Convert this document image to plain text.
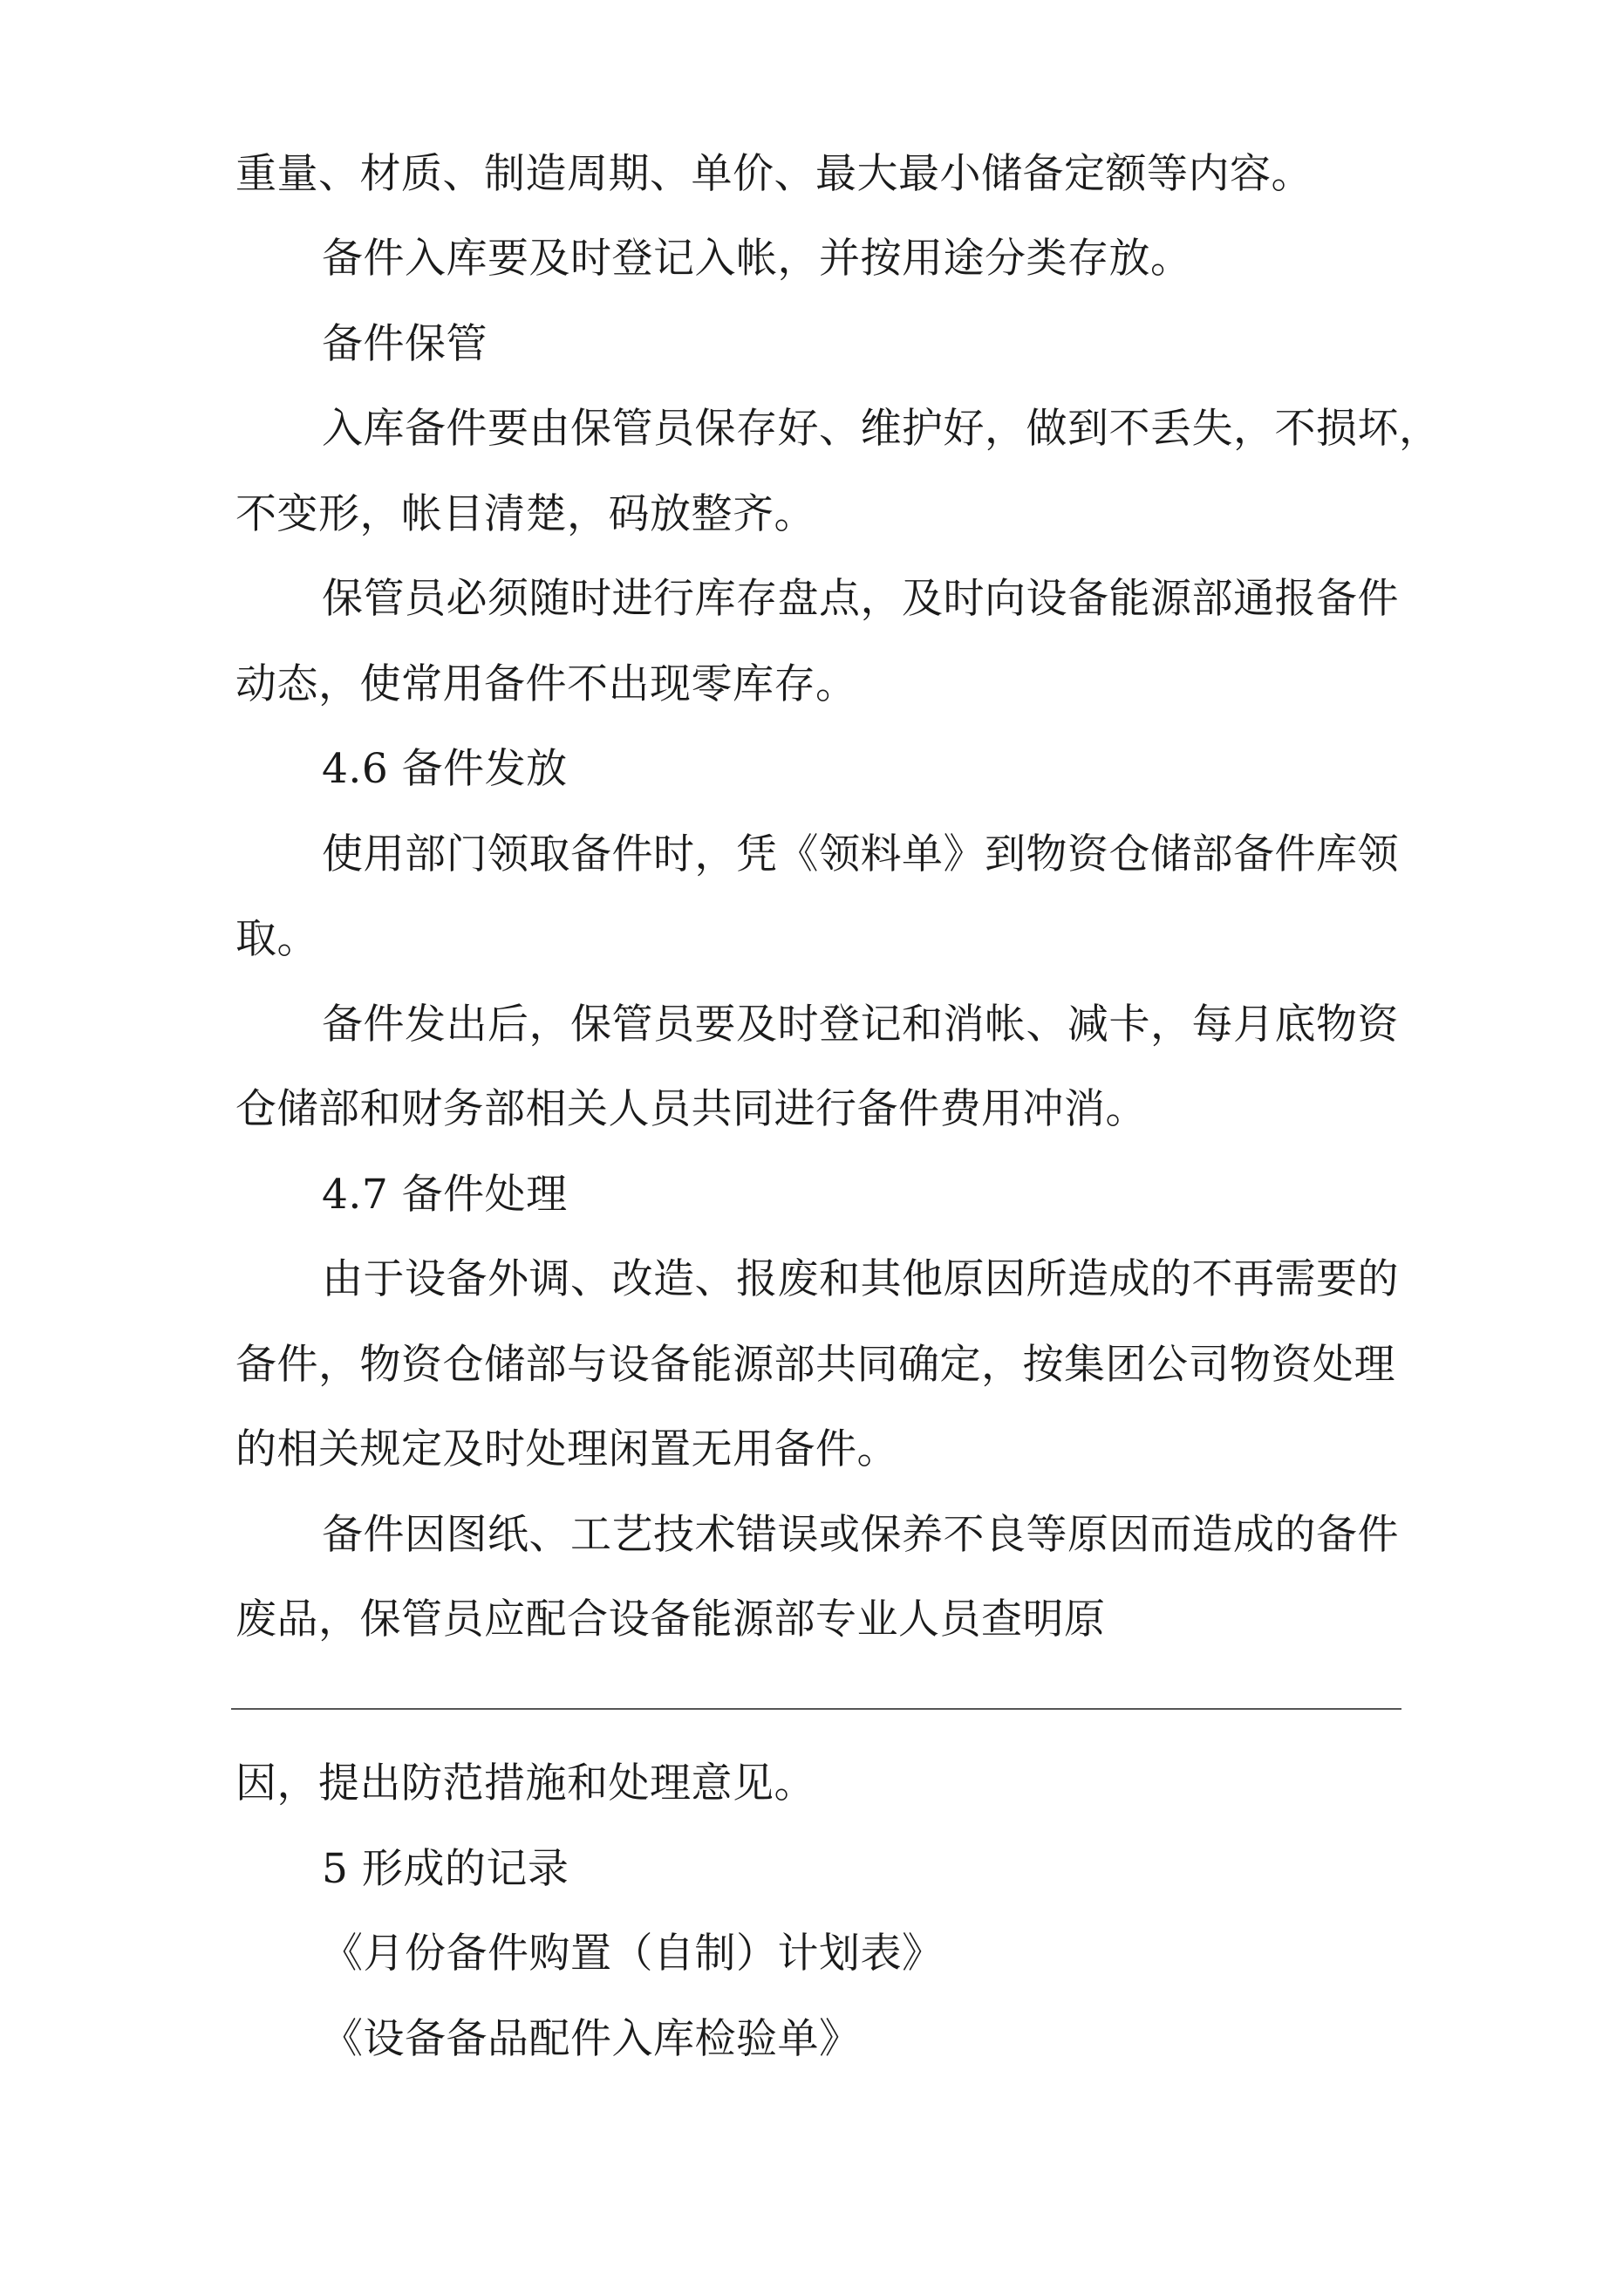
重量、材质、制造周期、单价、最大最小储备定额等内容。
备件入库要及时登记入帐，并按用途分类存放。
备件保管
入库备件要由保管员保存好、维护好，做到不丢失，不损坏，
不变形，帐目清楚，码放整齐。
保管员必须随时进行库存盘点，及时向设备能源部通报备件
动态，使常用备件不出现零库存。
4.6 备件发放
使用部门领取备件时，凭《领料单》到物资仓储部备件库领
取。
备件发出后，保管员要及时登记和消帐、减卡，每月底物资
仓储部和财务部相关人员共同进行备件费用冲消。
4.7 备件处理
由于设备外调、改造、报废和其他原因所造成的不再需要的
备件，物资仓储部与设备能源部共同确定，按集团公司物资处理
的相关规定及时处理闲置无用备件。
备件因图纸、工艺技术错误或保养不良等原因而造成的备件
废品，保管员应配合设备能源部专业人员查明原
因，提出防范措施和处理意见。
5 形成的记录
《月份备件购置（自制）计划表》
《设备备品配件入库检验单》
